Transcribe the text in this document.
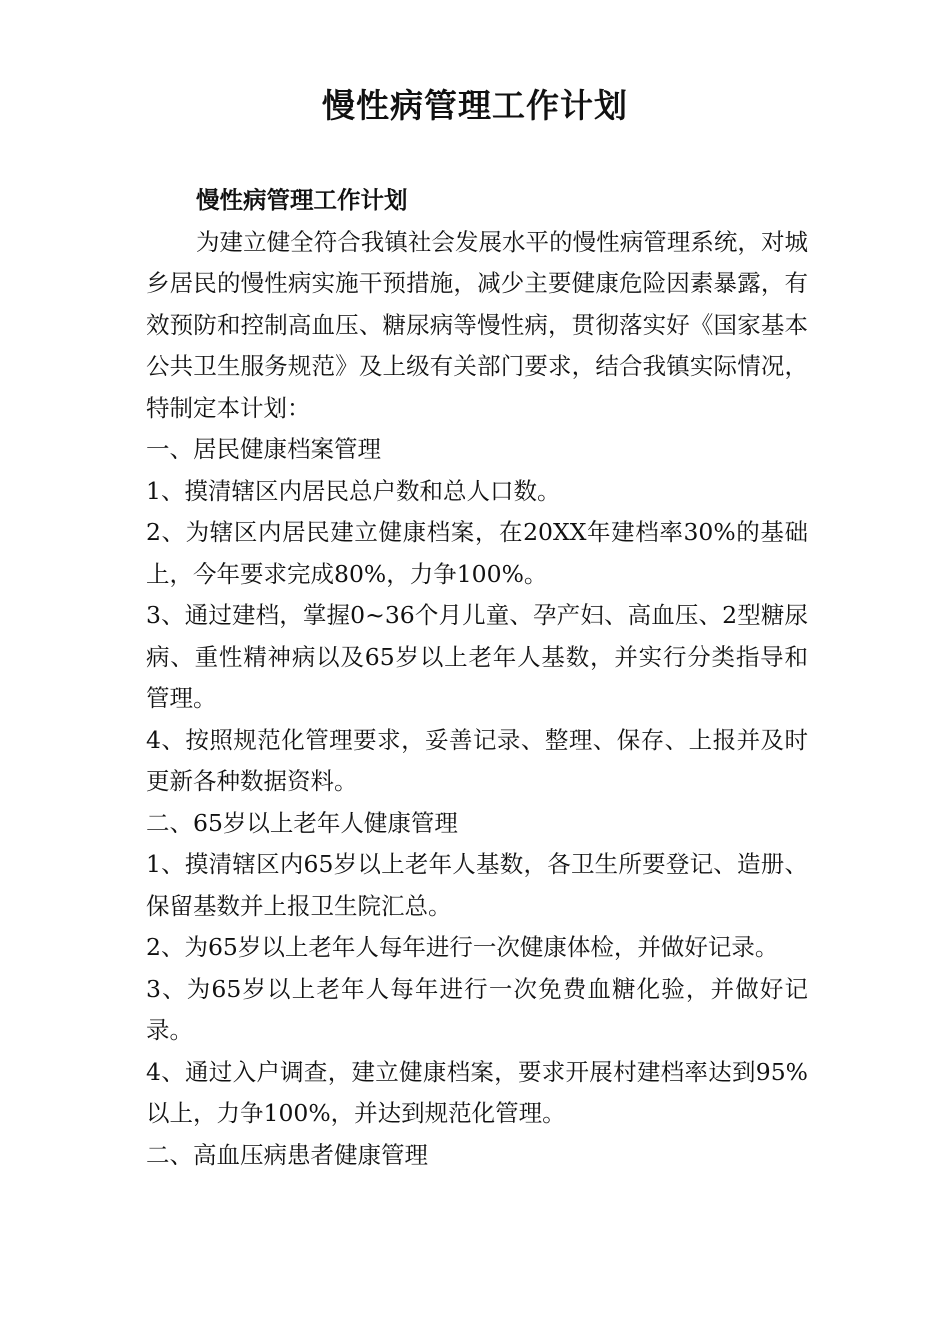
慢性病管理工作计划

慢性病管理工作计划

为建立健全符合我镇社会发展水平的慢性病管理系统，对城乡居民的慢性病实施干预措施，减少主要健康危险因素暴露，有效预防和控制高血压、糖尿病等慢性病，贯彻落实好《国家基本公共卫生服务规范》及上级有关部门要求，结合我镇实际情况，特制定本计划：

一、居民健康档案管理

1、摸清辖区内居民总户数和总人口数。

2、为辖区内居民建立健康档案，在20XX年建档率30%的基础上，今年要求完成80%，力争100%。

3、通过建档，掌握0~36个月儿童、孕产妇、高血压、2型糖尿病、重性精神病以及65岁以上老年人基数，并实行分类指导和管理。

4、按照规范化管理要求，妥善记录、整理、保存、上报并及时更新各种数据资料。

二、65岁以上老年人健康管理

1、摸清辖区内65岁以上老年人基数，各卫生所要登记、造册、保留基数并上报卫生院汇总。

2、为65岁以上老年人每年进行一次健康体检，并做好记录。

3、为65岁以上老年人每年进行一次免费血糖化验，并做好记录。

4、通过入户调查，建立健康档案，要求开展村建档率达到95%以上，力争100%，并达到规范化管理。

二、高血压病患者健康管理
